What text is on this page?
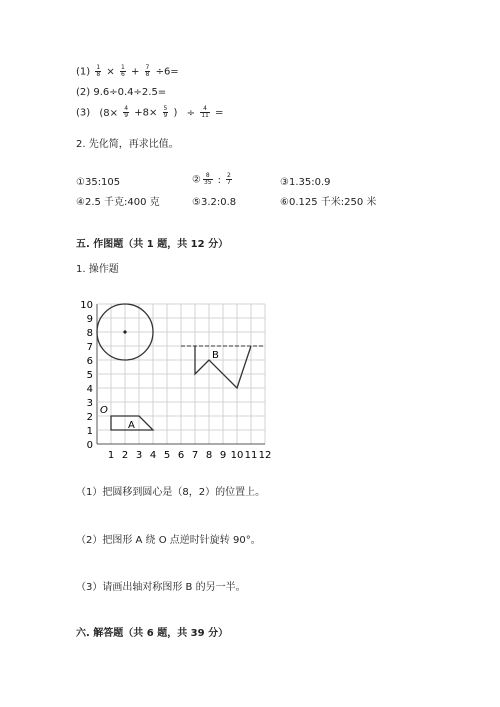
$(1) \frac{1}{8} \times \frac{1}{6} + \frac{7}{8} \div 6=$
(2) 9.6÷0.4÷2.5=
(3) ($8\times \frac{4}{9} +8\times \frac{5}{9}$ ) ÷ $\frac{4}{11}$ =
2. 先化简，再求比值。
①35:105	② $\frac{8}{35}$ : $\frac{2}{7}$	③1.35:0.9
④2.5 千克:400 克	⑤3.2:0.8	⑥0.125 千米:250 米
五. 作图题（共 1 题，共 12 分）
1. 操作题
1 2 3 4 5 6 7 8 9 10 11 12
0
1
2
3
4
5
6
7
8
9
10
B
A
O
（1）把圆移到圆心是（8，2）的位置上。
（2）把图形 A 绕 O 点逆时针旋转 90°。
（3）请画出轴对称图形 B 的另一半。
六. 解答题（共 6 题，共 39 分）
